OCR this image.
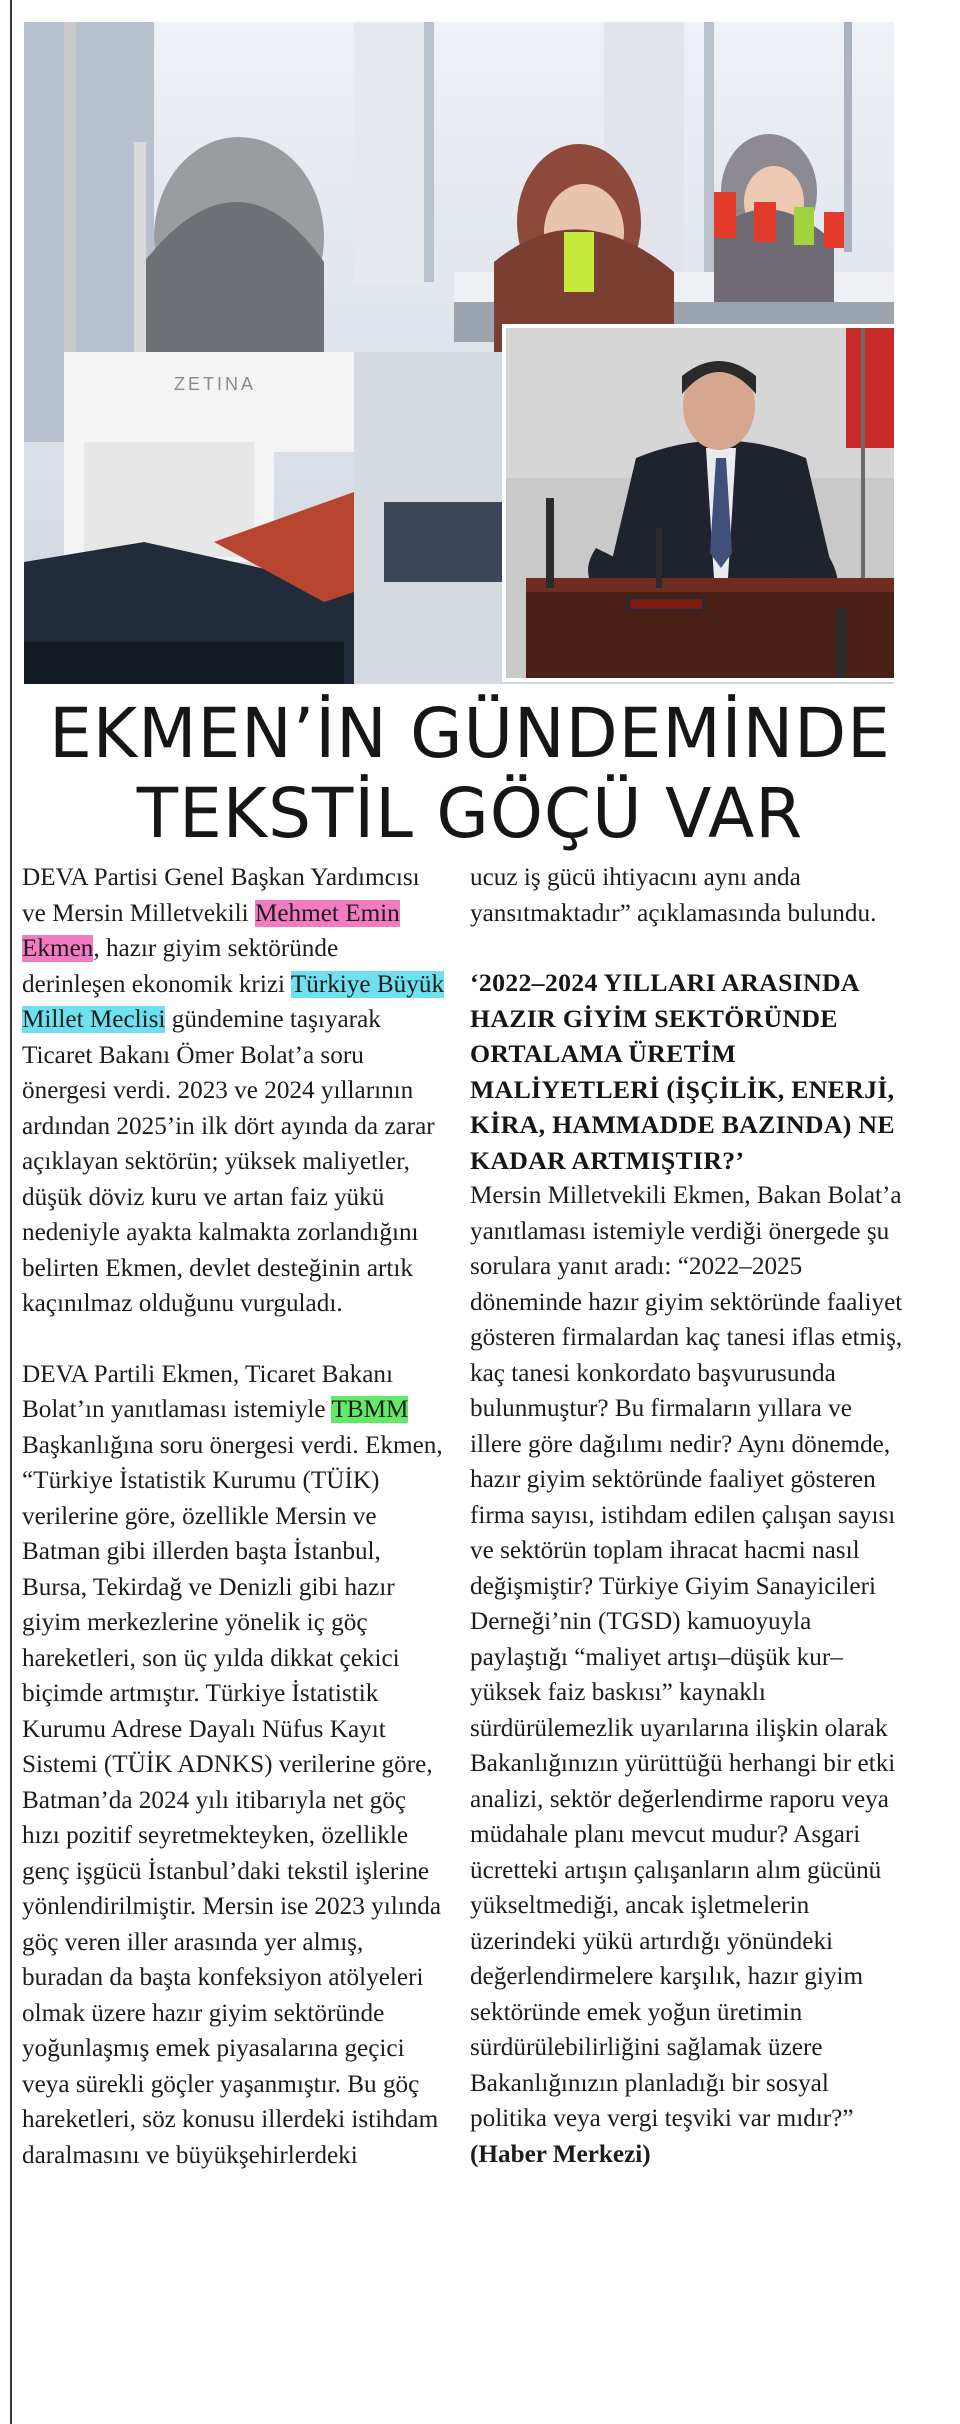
ZETINA
EKMEN’İN GÜNDEMİNDE
TEKSTİL GÖÇÜ VAR

DEVA Partisi Genel Başkan Yardımcısı ve Mersin Milletvekili Mehmet Emin Ekmen, hazır giyim sektöründe derinleşen ekonomik krizi Türkiye Büyük Millet Meclisi gündemine taşıyarak Ticaret Bakanı Ömer Bolat’a soru önergesi verdi. 2023 ve 2024 yıllarının ardından 2025’in ilk dört ayında da zarar açıklayan sektörün; yüksek maliyetler, düşük döviz kuru ve artan faiz yükü nedeniyle ayakta kalmakta zorlandığını belirten Ekmen, devlet desteğinin artık kaçınılmaz olduğunu vurguladı.

DEVA Partili Ekmen, Ticaret Bakanı Bolat’ın yanıtlaması istemiyle TBMM Başkanlığına soru önergesi verdi. Ekmen, “Türkiye İstatistik Kurumu (TÜİK) verilerine göre, özellikle Mersin ve Batman gibi illerden başta İstanbul, Bursa, Tekirdağ ve Denizli gibi hazır giyim merkezlerine yönelik iç göç hareketleri, son üç yılda dikkat çekici biçimde artmıştır. Türkiye İstatistik Kurumu Adrese Dayalı Nüfus Kayıt Sistemi (TÜİK ADNKS) verilerine göre, Batman’da 2024 yılı itibarıyla net göç hızı pozitif seyretmekteyken, özellikle genç işgücü İstanbul’daki tekstil işlerine yönlendirilmiştir. Mersin ise 2023 yılında göç veren iller arasında yer almış, buradan da başta konfeksiyon atölyeleri olmak üzere hazır giyim sektöründe yoğunlaşmış emek piyasalarına geçici veya sürekli göçler yaşanmıştır. Bu göç hareketleri, söz konusu illerdeki istihdam daralmasını ve büyükşehirlerdeki

ucuz iş gücü ihtiyacını aynı anda yansıtmaktadır” açıklamasında bulundu.

‘2022–2024 YILLARI ARASINDA HAZIR GİYİM SEKTÖRÜNDE ORTALAMA ÜRETİM MALİYETLERİ (İŞÇİLİK, ENERJİ, KİRA, HAMMADDE BAZINDA) NE KADAR ARTMIŞTIR?’

Mersin Milletvekili Ekmen, Bakan Bolat’a yanıtlaması istemiyle verdiği önergede şu sorulara yanıt aradı: “2022–2025 döneminde hazır giyim sektöründe faaliyet gösteren firmalardan kaç tanesi iflas etmiş, kaç tanesi konkordato başvurusunda bulunmuştur? Bu firmaların yıllara ve illere göre dağılımı nedir? Aynı dönemde, hazır giyim sektöründe faaliyet gösteren firma sayısı, istihdam edilen çalışan sayısı ve sektörün toplam ihracat hacmi nasıl değişmiştir? Türkiye Giyim Sanayicileri Derneği’nin (TGSD) kamuoyuyla paylaştığı “maliyet artışı–düşük kur–yüksek faiz baskısı” kaynaklı sürdürülemezlik uyarılarına ilişkin olarak Bakanlığınızın yürüttüğü herhangi bir etki analizi, sektör değerlendirme raporu veya müdahale planı mevcut mudur? Asgari ücretteki artışın çalışanların alım gücünü yükseltmediği, ancak işletmelerin üzerindeki yükü artırdığı yönündeki değerlendirmelere karşılık, hazır giyim sektöründe emek yoğun üretimin sürdürülebilirliğini sağlamak üzere Bakanlığınızın planladığı bir sosyal politika veya vergi teşviki var mıdır?”

(Haber Merkezi)
